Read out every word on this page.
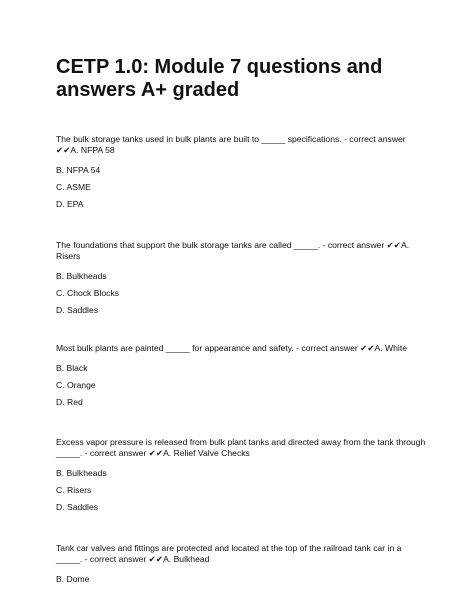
CETP 1.0: Module 7 questions and answers A+ graded

The bulk storage tanks used in bulk plants are built to _____ specifications. - correct answer ✔✔A. NFPA 58

B. NFPA 54

C. ASME

D. EPA

The foundations that support the bulk storage tanks are called _____. - correct answer ✔✔A. Risers

B. Bulkheads

C. Chock Blocks

D. Saddles

Most bulk plants are painted _____ for appearance and safety. - correct answer ✔✔A. White

B. Black

C. Orange

D. Red

Excess vapor pressure is released from bulk plant tanks and directed away from the tank through _____. - correct answer ✔✔A. Relief Valve Checks

B. Bulkheads

C. Risers

D. Saddles

Tank car valves and fittings are protected and located at the top of the railroad tank car in a _____. - correct answer ✔✔A. Bulkhead

B. Dome
